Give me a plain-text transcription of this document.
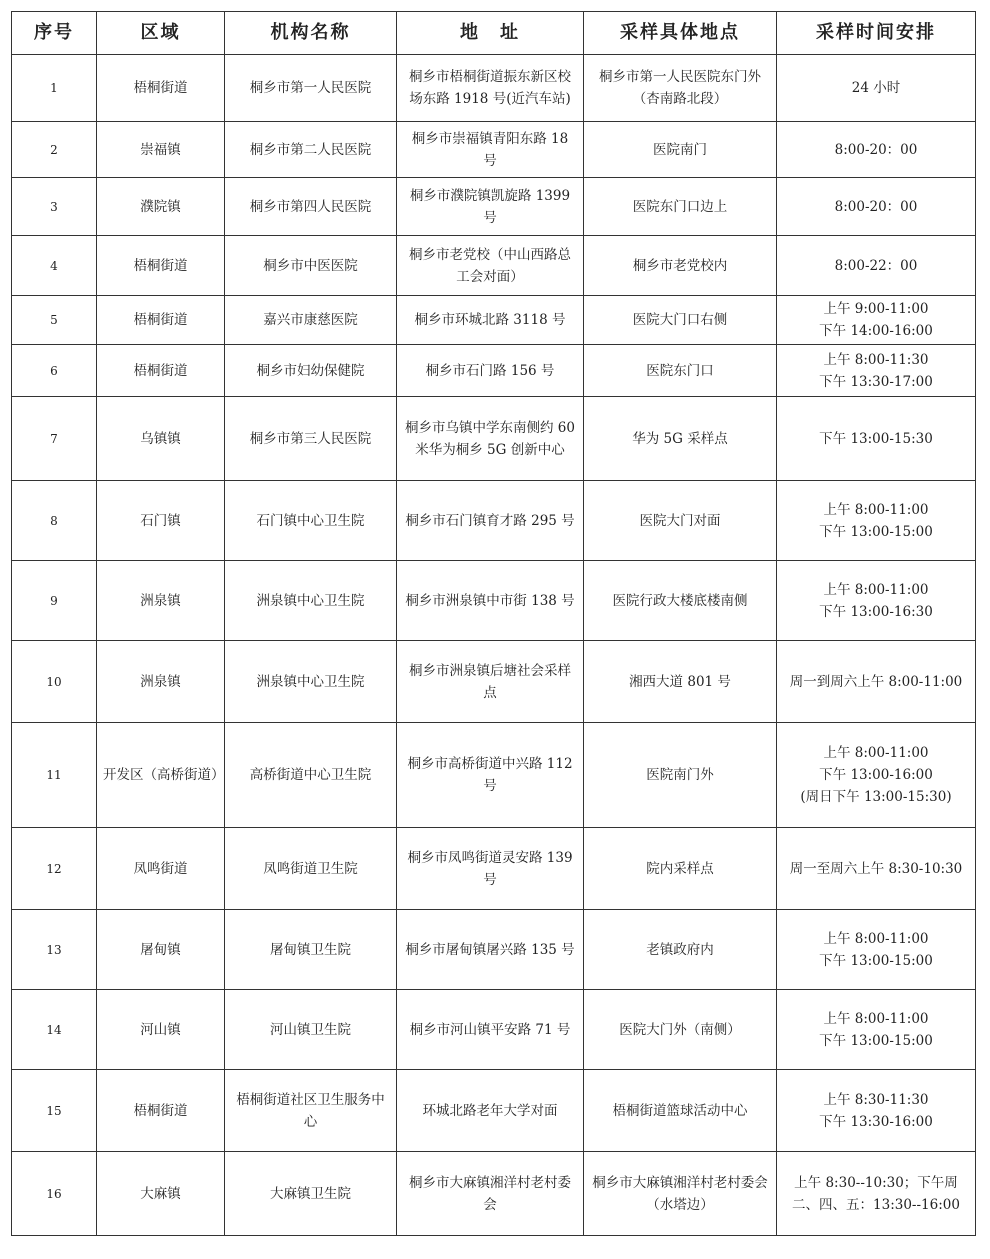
序号	区域	机构名称	地　址	采样具体地点	采样时间安排
1	梧桐街道	桐乡市第一人民医院	桐乡市梧桐街道振东新区校场东路 1918 号(近汽车站)	桐乡市第一人民医院东门外（杏南路北段）	24 小时

2	崇福镇	桐乡市第二人民医院	桐乡市崇福镇青阳东路 18 号	医院南门	8:00-20：00

3	濮院镇	桐乡市第四人民医院	桐乡市濮院镇凯旋路 1399 号	医院东门口边上	8:00-20：00

4	梧桐街道	桐乡市中医医院	桐乡市老党校（中山西路总工会对面）	桐乡市老党校内	8:00-22：00

5	梧桐街道	嘉兴市康慈医院	桐乡市环城北路 3118 号	医院大门口右侧	上午 9:00-11:00
下午 14:00-16:00

6	梧桐街道	桐乡市妇幼保健院	桐乡市石门路 156 号	医院东门口	上午 8:00-11:30
下午 13:30-17:00

7	乌镇镇	桐乡市第三人民医院	桐乡市乌镇中学东南侧约 60 米华为桐乡 5G 创新中心	华为 5G 采样点	下午 13:00-15:30

8	石门镇	石门镇中心卫生院	桐乡市石门镇育才路 295 号	医院大门对面	上午 8:00-11:00
下午 13:00-15:00

9	洲泉镇	洲泉镇中心卫生院	桐乡市洲泉镇中市街 138 号	医院行政大楼底楼南侧	上午 8:00-11:00
下午 13:00-16:30

10	洲泉镇	洲泉镇中心卫生院	桐乡市洲泉镇后塘社会采样点	湘西大道 801 号	周一到周六上午 8:00-11:00

11	开发区（高桥街道）	高桥街道中心卫生院	桐乡市高桥街道中兴路 112 号	医院南门外	上午 8:00-11:00
下午 13:00-16:00
(周日下午 13:00-15:30)

12	凤鸣街道	凤鸣街道卫生院	桐乡市凤鸣街道灵安路 139 号	院内采样点	周一至周六上午 8:30-10:30

13	屠甸镇	屠甸镇卫生院	桐乡市屠甸镇屠兴路 135 号	老镇政府内	上午 8:00-11:00
下午 13:00-15:00

14	河山镇	河山镇卫生院	桐乡市河山镇平安路 71 号	医院大门外（南侧）	上午 8:00-11:00
下午 13:00-15:00

15	梧桐街道	梧桐街道社区卫生服务中心	环城北路老年大学对面	梧桐街道篮球活动中心	上午 8:30-11:30
下午 13:30-16:00

16	大麻镇	大麻镇卫生院	桐乡市大麻镇湘洋村老村委会	桐乡市大麻镇湘洋村老村委会（水塔边）	上午 8:30--10:30；下午周二、四、五：13:30--16:00
